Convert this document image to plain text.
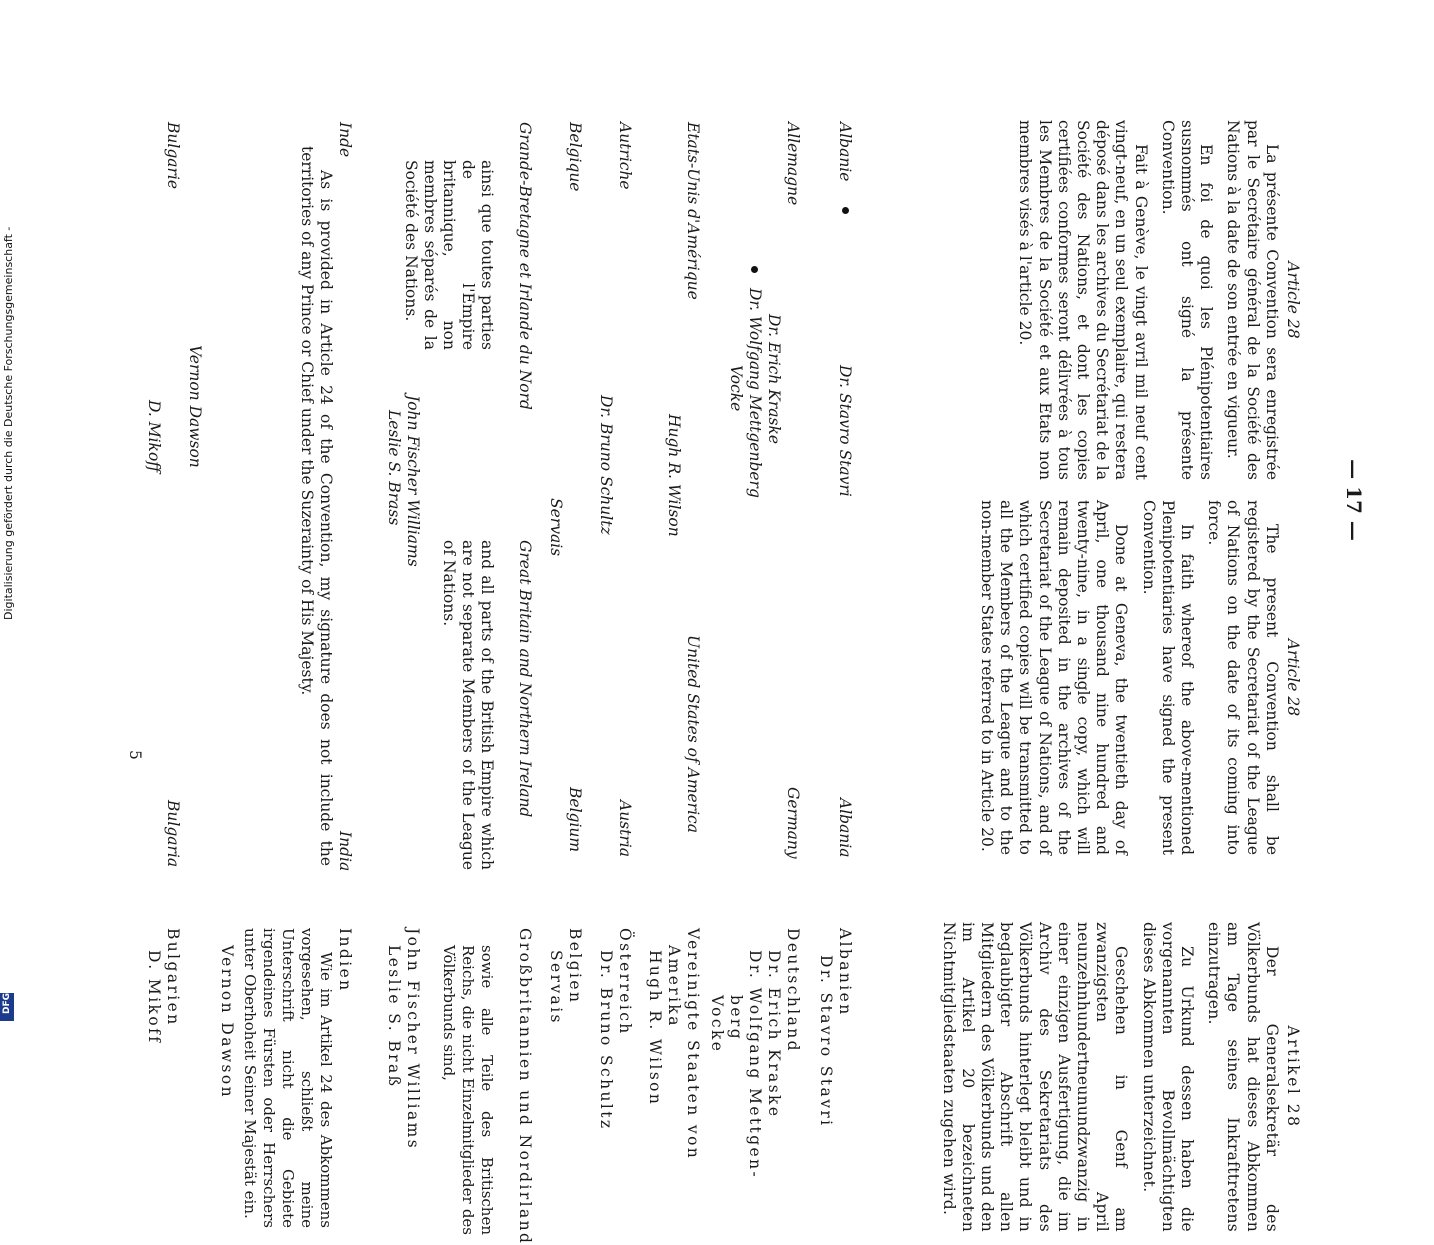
Digitalisierung gefördert durch die Deutsche Forschungsgemeinschaft -
DFG
— 17 —
Article 28

La présente Convention sera enregistrée par le Secrétaire général de la Société des Nations à la date de son entrée en vigueur.

En foi de quoi les Plénipotentiaires susnommés ont signé la présente Convention.

Fait à Genève, le vingt avril mil neuf cent vingt-neuf, en un seul exemplaire, qui restera déposé dans les archives du Secrétariat de la Société des Nations, et dont les copies certifiées conformes seront délivrées à tous les Membres de la Société et aux Etats non membres visés à l'article 20.

Article 28

The present Convention shall be registered by the Secretariat of the League of Nations on the date of its coming into force.

In faith whereof the above-mentioned Plenipotentiaries have signed the present Convention.

Done at Geneva, the twentieth day of April, one thousand nine hundred and twenty-nine, in a single copy, which will remain deposited in the archives of the Secretariat of the League of Nations, and of which certified copies will be transmitted to all the Members of the League and to the non-member States referred to in Article 20.

Artikel 28

Der Generalsekretär des Völkerbunds hat dieses Abkommen am Tage seines Inkrafttretens einzutragen.

Zu Urkund dessen haben die vorgenannten Bevollmächtigten dieses Abkommen unterzeichnet.

Geschehen in Genf am zwanzigsten April neunzehnhundertneunundzwanzig in einer einzigen Ausfertigung, die im Archiv des Sekretariats des Völkerbunds hinterlegt bleibt und in beglaubigter Abschrift allen Mitgliedern des Völkerbunds und den im Artikel 20 bezeichneten Nichtmitgliedstaaten zugehen wird.

Albanie
Dr. Stavro Stavri
Albania
Albanien
Dr. Stavro Stavri
Allemagne
Dr. Erich Kraske
Dr. Wolfgang Mettgenberg
Vocke
Germany
Deutschland
Dr. Erich Kraske
Dr. Wolfgang Mettgen-
berg
Vocke
Etats-Unis d'Amérique
United States of America
Hugh R. Wilson
Vereinigte Staaten von
Amerika
Hugh R. Wilson
Autriche
Dr. Bruno Schultz
Austria
Österreich
Dr. Bruno Schultz
Belgique
Servais
Belgium
Belgien
Servais
Grande-Bretagne et Irlande du Nord
ainsi que toutes parties de l'Empire britannique, non membres séparés de la Société des Nations.
Great Britain and Northern Ireland
and all parts of the British Empire which are not separate Members of the League of Nations.
Großbritannien und Nordirland
sowie alle Teile des Britischen Reichs, die nicht Einzelmitglieder des Völkerbunds sind,
John Fischer Williams
Leslie S. Brass
John Fischer Williams
Leslie S. Braß
Inde
India
As is provided in Article 24 of the Convention, my signature does not include the territories of any Prince or Chief under the Suzerainty of His Majesty.
Indien
Wie im Artikel 24 des Abkommens vorgesehen, schließt meine Unterschrift nicht die Gebiete irgendeines Fürsten oder Herrschers unter Oberhoheit Seiner Majestät ein.
Vernon Dawson
Vernon Dawson
Bulgarie
D. Mikoff
Bulgaria
Bulgarien
D. Mikoff
5
